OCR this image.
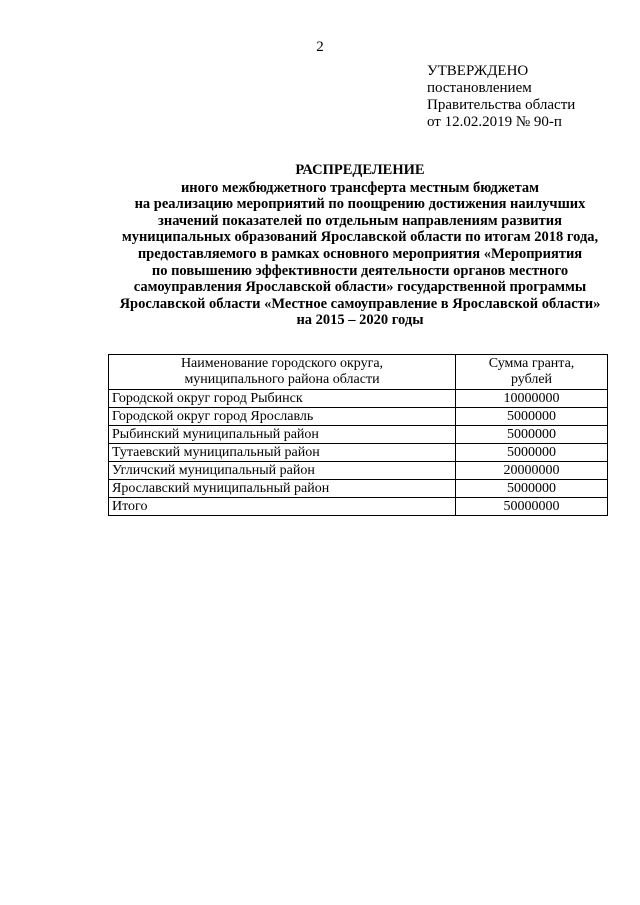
2
УТВЕРЖДЕНО
постановлением
Правительства области
от 12.02.2019 № 90-п
РАСПРЕДЕЛЕНИЕ
иного межбюджетного трансферта местным бюджетам
на реализацию мероприятий по поощрению достижения наилучших
значений показателей по отдельным направлениям развития
муниципальных образований Ярославской области по итогам 2018 года,
предоставляемого в рамках основного мероприятия «Мероприятия
по повышению эффективности деятельности органов местного
самоуправления Ярославской области» государственной программы
Ярославской области «Местное самоуправление в Ярославской области»
на 2015 – 2020 годы
Наименование городского округа,
муниципального района области	Сумма гранта,
рублей
Городской округ город Рыбинск	10000000
Городской округ город Ярославль	5000000
Рыбинский муниципальный район	5000000
Тутаевский муниципальный район	5000000
Угличский муниципальный район	20000000
Ярославский муниципальный район	5000000
Итого	50000000
